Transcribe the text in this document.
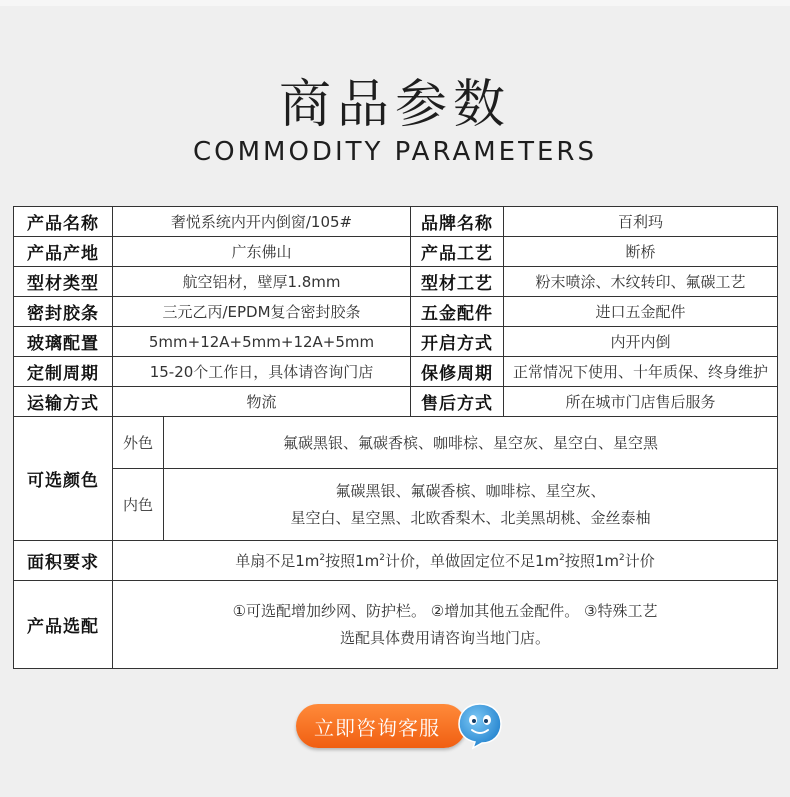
商品参数
COMMODITY PARAMETERS
产品名称	奢悦系统内开内倒窗/105#		品牌名称	百利玛
产品产地	广东佛山		产品工艺	断桥
型材类型	航空铝材，壁厚1.8mm		型材工艺	粉末喷涂、木纹转印、氟碳工艺
密封胶条	三元乙丙/EPDM复合密封胶条		五金配件	进口五金配件
玻璃配置	5mm+12A+5mm+12A+5mm		开启方式	内开内倒
定制周期	15-20个工作日，具体请咨询门店		保修周期	正常情况下使用、十年质保、终身维护
运输方式	物流		售后方式	所在城市门店售后服务
可选颜色	外色	氟碳黑银、氟碳香槟、咖啡棕、星空灰、星空白、星空黑		
	内色	氟碳黑银、氟碳香槟、咖啡棕、星空灰、
星空白、星空黑、北欧香梨木、北美黑胡桃、金丝泰柚		

面积要求	单扇不足$1m^2$按照$1m^2$计价，单做固定位不足$1m^2$按照$1m^2$计价			
产品选配	①可选配增加纱网、防护栏。 ②增加其他五金配件。 ③特殊工艺
选配具体费用请咨询当地门店。			
立即咨询客服
